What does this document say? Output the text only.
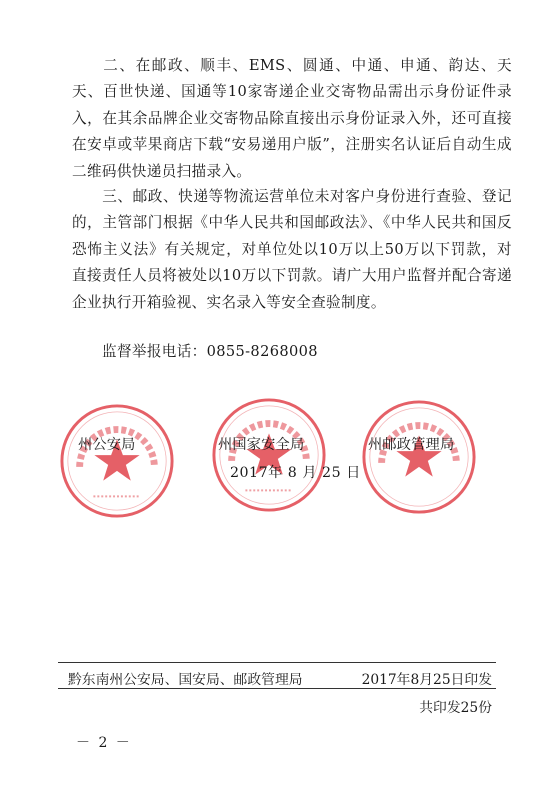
二、在邮政、顺丰、EMS、圆通、中通、申通、韵达、天天、百世快递、国通等10家寄递企业交寄物品需出示身份证件录入，在其余品牌企业交寄物品除直接出示身份证录入外，还可直接在安卓或苹果商店下载“安易递用户版”，注册实名认证后自动生成二维码供快递员扫描录入。

三、邮政、快递等物流运营单位未对客户身份进行查验、登记的，主管部门根据《中华人民共和国邮政法》、《中华人民共和国反恐怖主义法》有关规定，对单位处以10万以上50万以下罚款，对直接责任人员将被处以10万以下罚款。请广大用户监督并配合寄递企业执行开箱验视、实名录入等安全查验制度。

监督举报电话：0855-8268008
州公安局	州国家安全局	州邮政管理局
2017年 8 月 25 日
黔东南州公安局、国安局、邮政管理局	2017年8月25日印发
共印发25份
－ 2 －
